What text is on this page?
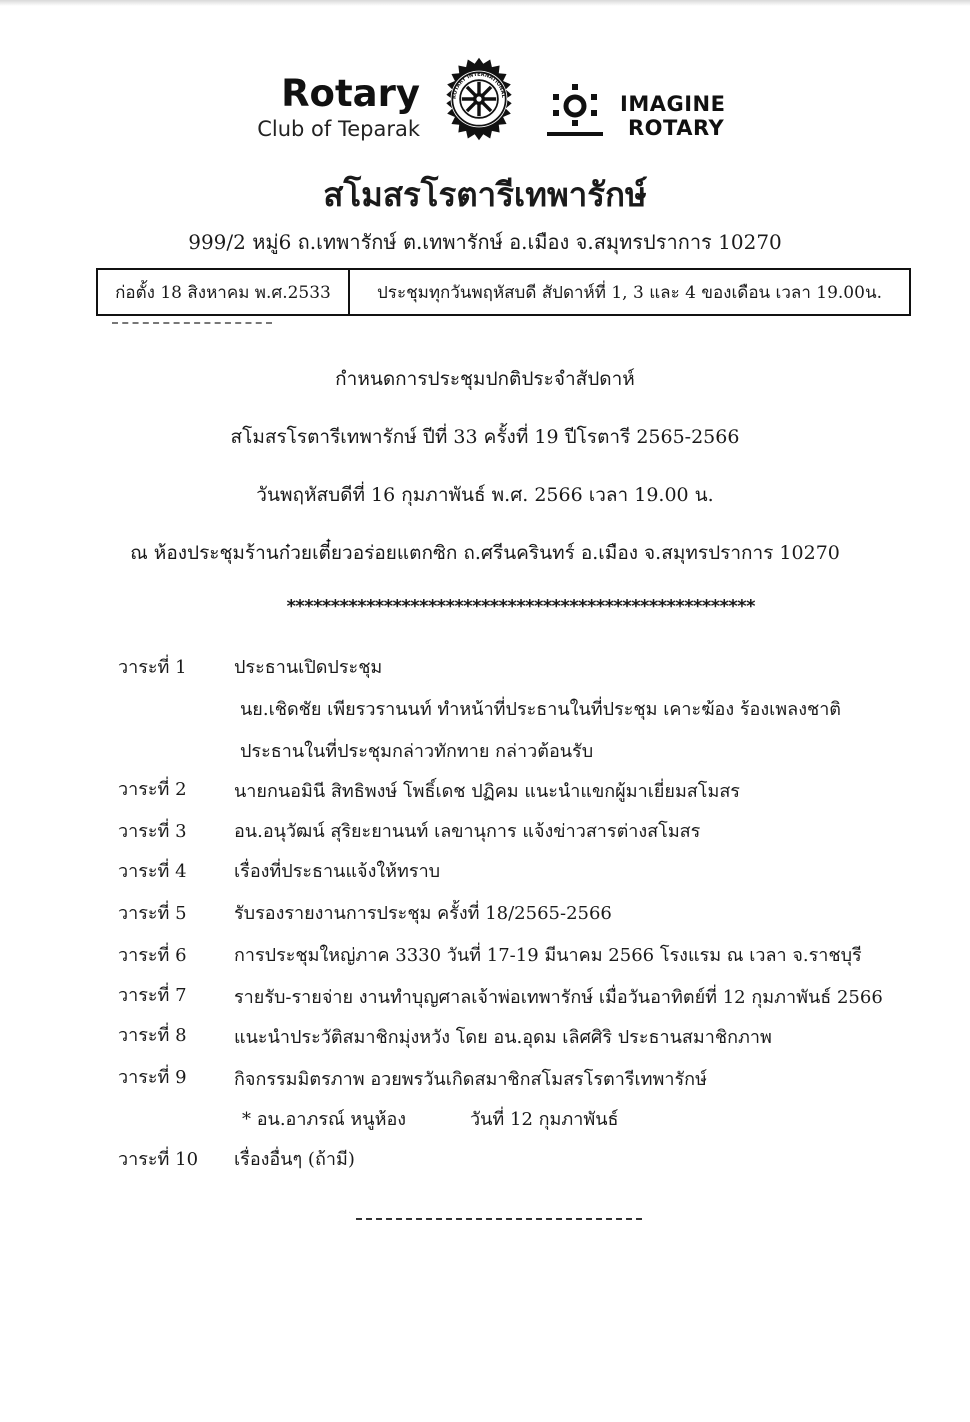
Rotary
Club of Teparak
ROTARY INTERNATIONAL	IMAGINE
ROTARY
สโมสรโรตารีเทพารักษ์
999/2 หมู่6 ถ.เทพารักษ์ ต.เทพารักษ์ อ.เมือง จ.สมุทรปราการ 10270
ก่อตั้ง 18 สิงหาคม พ.ศ.2533	ประชุมทุกวันพฤหัสบดี สัปดาห์ที่ 1, 3 และ 4 ของเดือน เวลา 19.00น.
กำหนดการประชุมปกติประจำสัปดาห์
สโมสรโรตารีเทพารักษ์ ปีที่ 33 ครั้งที่ 19 ปีโรตารี 2565-2566
วันพฤหัสบดีที่ 16 กุมภาพันธ์ พ.ศ. 2566 เวลา 19.00 น.
ณ ห้องประชุมร้านก๋วยเตี๋ยวอร่อยแตกซิก ถ.ศรีนครินทร์ อ.เมือง จ.สมุทรปราการ 10270
*****************************************************
วาระที่ 1	ประธานเปิดประชุม
นย.เชิดชัย เพียรวรานนท์ ทำหน้าที่ประธานในที่ประชุม เคาะฆ้อง ร้องเพลงชาติ
ประธานในที่ประชุมกล่าวทักทาย กล่าวต้อนรับ
วาระที่ 2	นายกนอมินี สิทธิพงษ์ โพธิ์เดช ปฏิคม แนะนำแขกผู้มาเยี่ยมสโมสร
วาระที่ 3	อน.อนุวัฒน์ สุริยะยานนท์ เลขานุการ แจ้งข่าวสารต่างสโมสร
วาระที่ 4	เรื่องที่ประธานแจ้งให้ทราบ
วาระที่ 5	รับรองรายงานการประชุม ครั้งที่ 18/2565-2566
วาระที่ 6	การประชุมใหญ่ภาค 3330 วันที่ 17-19 มีนาคม 2566 โรงแรม ณ เวลา จ.ราชบุรี
วาระที่ 7	รายรับ-รายจ่าย งานทำบุญศาลเจ้าพ่อเทพารักษ์ เมื่อวันอาทิตย์ที่ 12 กุมภาพันธ์ 2566
วาระที่ 8	แนะนำประวัติสมาชิกมุ่งหวัง โดย อน.อุดม เลิศศิริ ประธานสมาชิกภาพ
วาระที่ 9	กิจกรรมมิตรภาพ อวยพรวันเกิดสมาชิกสโมสรโรตารีเทพารักษ์
* อน.อาภรณ์ หนูห้อง	วันที่ 12 กุมภาพันธ์
วาระที่ 10 เรื่องอื่นๆ (ถ้ามี)
